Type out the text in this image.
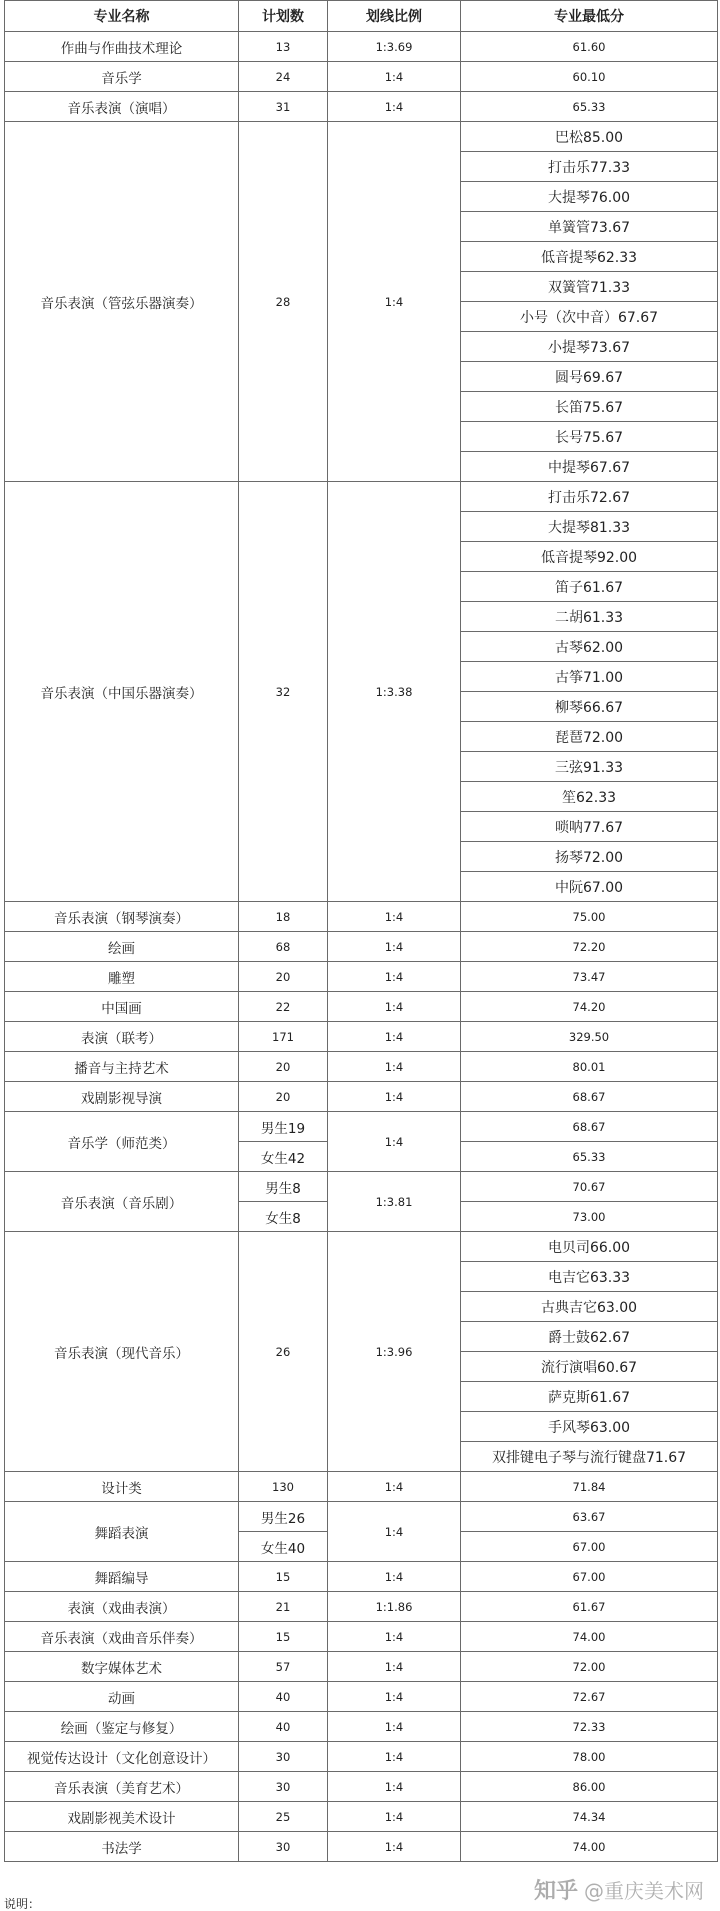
专业名称	计划数	划线比例	专业最低分
作曲与作曲技术理论	13	1:3.69	61.60
音乐学	24	1:4	60.10
音乐表演（演唱）	31	1:4	65.33
音乐表演（管弦乐器演奏）	28	1:4	巴松85.00
			打击乐77.33
			大提琴76.00
			单簧管73.67
			低音提琴62.33
			双簧管71.33
			小号（次中音）67.67
			小提琴73.67
			圆号69.67
			长笛75.67
			长号75.67
			中提琴67.67
音乐表演（中国乐器演奏）	32	1:3.38	打击乐72.67
			大提琴81.33
			低音提琴92.00
			笛子61.67
			二胡61.33
			古琴62.00
			古筝71.00
			柳琴66.67
			琵琶72.00
			三弦91.33
			笙62.33
			唢呐77.67
			扬琴72.00
			中阮67.00
音乐表演（钢琴演奏）	18	1:4	75.00
绘画	68	1:4	72.20
雕塑	20	1:4	73.47
中国画	22	1:4	74.20
表演（联考）	171	1:4	329.50
播音与主持艺术	20	1:4	80.01
戏剧影视导演	20	1:4	68.67
音乐学（师范类）	男生19	1:4	68.67
	女生42		65.33
音乐表演（音乐剧）	男生8	1:3.81	70.67
	女生8		73.00
音乐表演（现代音乐）	26	1:3.96	电贝司66.00
			电吉它63.33
			古典吉它63.00
			爵士鼓62.67
			流行演唱60.67
			萨克斯61.67
			手风琴63.00
			双排键电子琴与流行键盘71.67
设计类	130	1:4	71.84
舞蹈表演	男生26	1:4	63.67
	女生40		67.00
舞蹈编导	15	1:4	67.00
表演（戏曲表演）	21	1:1.86	61.67
音乐表演（戏曲音乐伴奏）	15	1:4	74.00
数字媒体艺术	57	1:4	72.00
动画	40	1:4	72.67
绘画（鉴定与修复）	40	1:4	72.33
视觉传达设计（文化创意设计）	30	1:4	78.00
音乐表演（美育艺术）	30	1:4	86.00
戏剧影视美术设计	25	1:4	74.34
书法学	30	1:4	74.00
知乎 @重庆美术网
说明：
